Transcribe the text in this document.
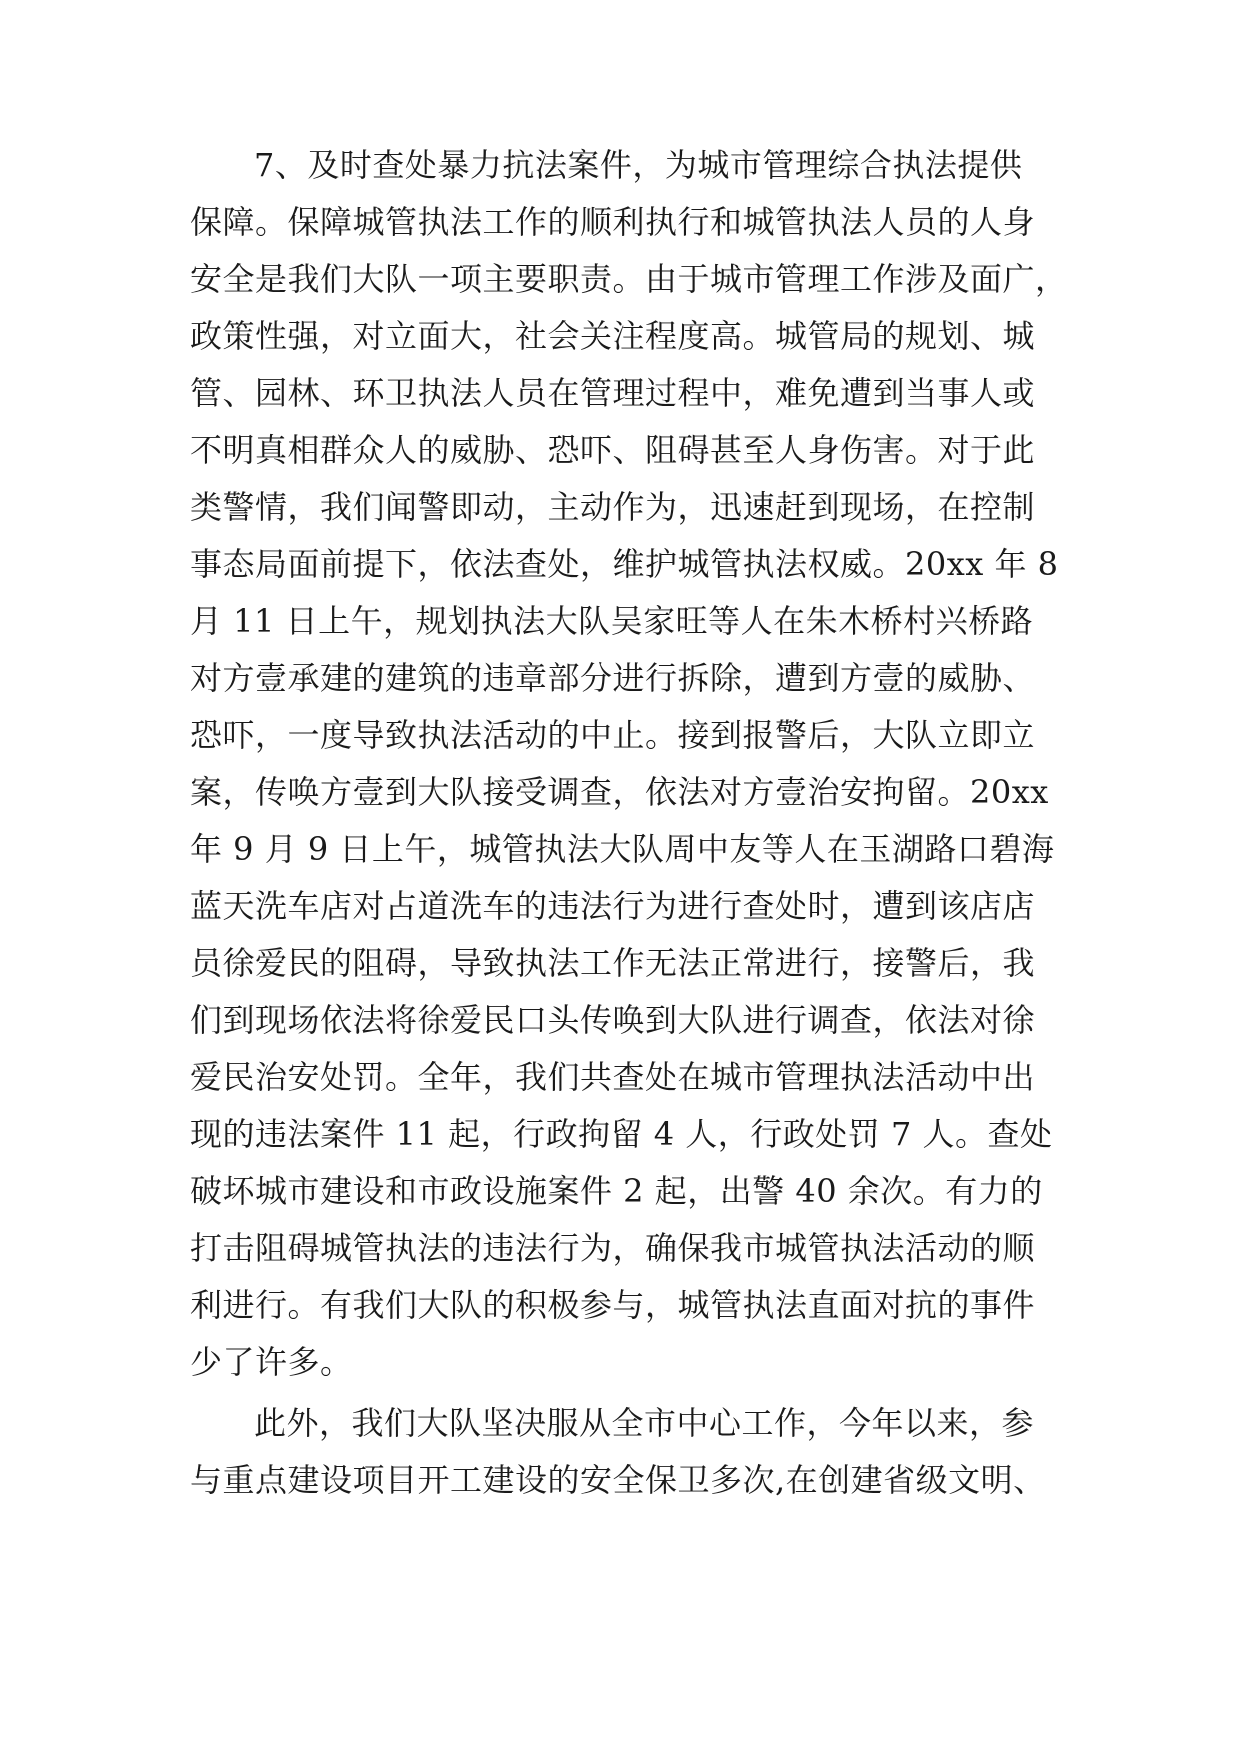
7、及时查处暴力抗法案件，为城市管理综合执法提供
保障。保障城管执法工作的顺利执行和城管执法人员的人身
安全是我们大队一项主要职责。由于城市管理工作涉及面广，
政策性强，对立面大，社会关注程度高。城管局的规划、城
管、园林、环卫执法人员在管理过程中，难免遭到当事人或
不明真相群众人的威胁、恐吓、阻碍甚至人身伤害。对于此
类警情，我们闻警即动，主动作为，迅速赶到现场，在控制
事态局面前提下，依法查处，维护城管执法权威。20xx 年 8
月 11 日上午，规划执法大队吴家旺等人在朱木桥村兴桥路
对方壹承建的建筑的违章部分进行拆除，遭到方壹的威胁、
恐吓，一度导致执法活动的中止。接到报警后，大队立即立
案，传唤方壹到大队接受调查，依法对方壹治安拘留。20xx
年 9 月 9 日上午，城管执法大队周中友等人在玉湖路口碧海
蓝天洗车店对占道洗车的违法行为进行查处时，遭到该店店
员徐爱民的阻碍，导致执法工作无法正常进行，接警后，我
们到现场依法将徐爱民口头传唤到大队进行调查，依法对徐
爱民治安处罚。全年，我们共查处在城市管理执法活动中出
现的违法案件 11 起，行政拘留 4 人，行政处罚 7 人。查处
破坏城市建设和市政设施案件 2 起，出警 40 余次。有力的
打击阻碍城管执法的违法行为，确保我市城管执法活动的顺
利进行。有我们大队的积极参与，城管执法直面对抗的事件
少了许多。
此外，我们大队坚决服从全市中心工作，今年以来，参
与重点建设项目开工建设的安全保卫多次,在创建省级文明、
